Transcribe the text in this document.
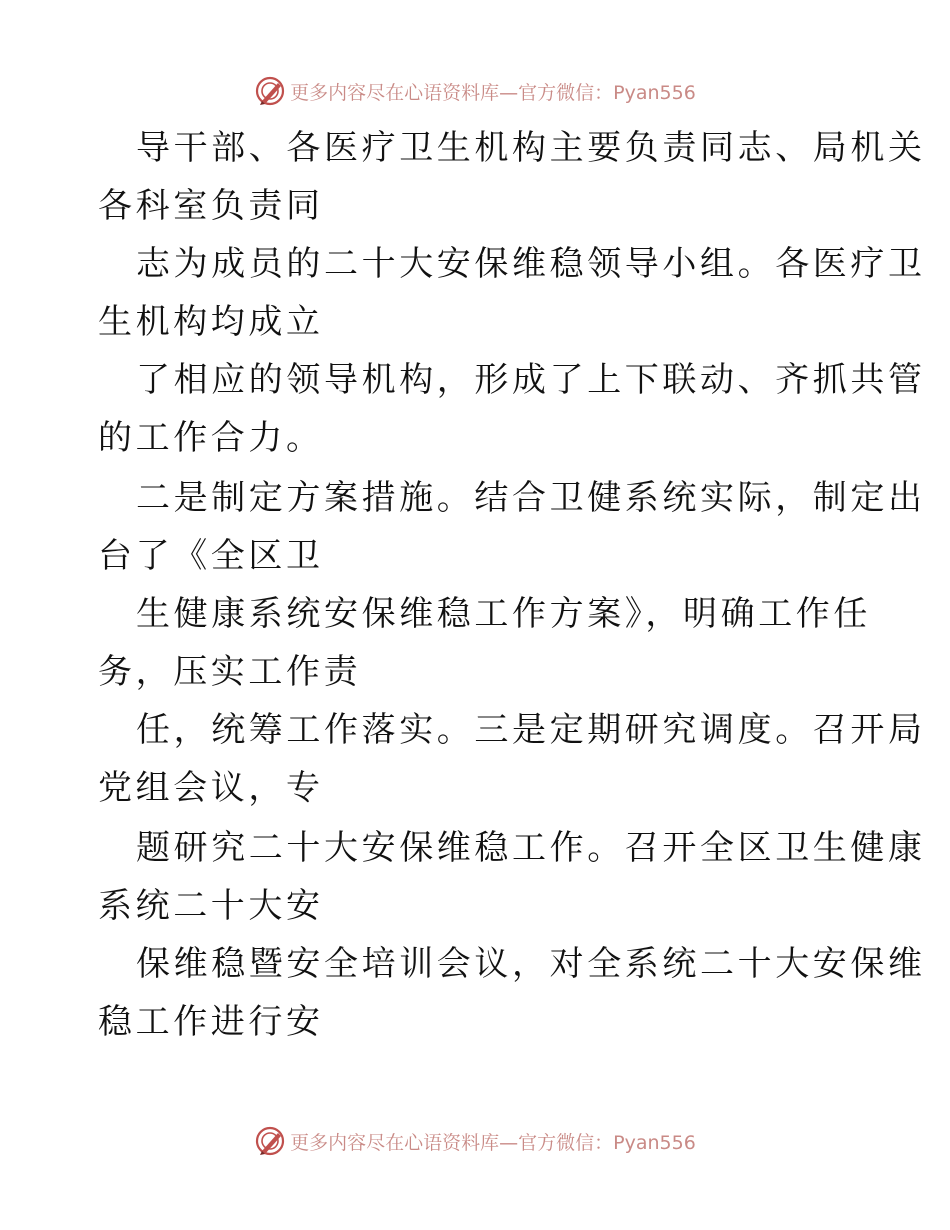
更多内容尽在心语资料库—官方微信：Pyan556
导干部、各医疗卫生机构主要负责同志、局机关
各科室负责同
志为成员的二十大安保维稳领导小组。各医疗卫
生机构均成立
了相应的领导机构，形成了上下联动、齐抓共管
的工作合力。
二是制定方案措施。结合卫健系统实际，制定出
台了《全区卫
生健康系统安保维稳工作方案》，明确工作任
务，压实工作责
任，统筹工作落实。三是定期研究调度。召开局
党组会议，专
题研究二十大安保维稳工作。召开全区卫生健康
系统二十大安
保维稳暨安全培训会议，对全系统二十大安保维
稳工作进行安
更多内容尽在心语资料库—官方微信：Pyan556
